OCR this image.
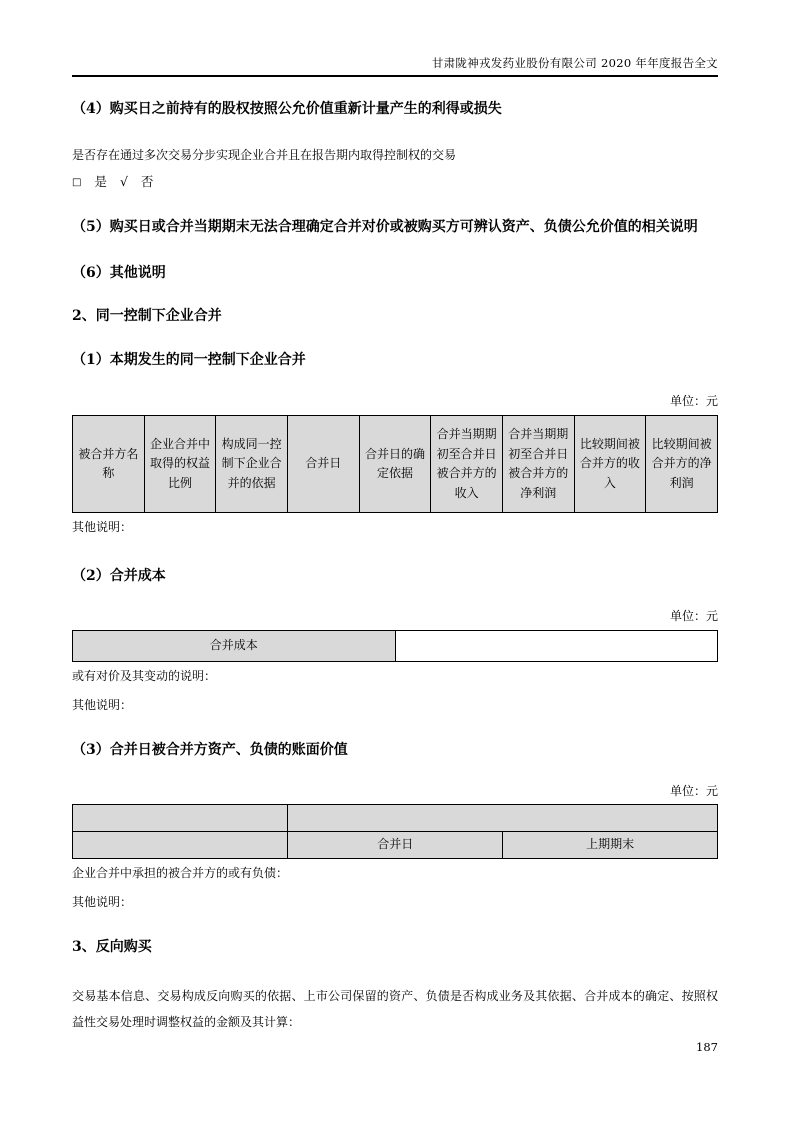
甘肃陇神戎发药业股份有限公司 2020 年年度报告全文
（4）购买日之前持有的股权按照公允价值重新计量产生的利得或损失

是否存在通过多次交易分步实现企业合并且在报告期内取得控制权的交易

□ 是 √ 否

（5）购买日或合并当期期末无法合理确定合并对价或被购买方可辨认资产、负债公允价值的相关说明
（6）其他说明
2、同一控制下企业合并
（1）本期发生的同一控制下企业合并

单位：元

被合并方名称	企业合并中取得的权益比例	构成同一控制下企业合并的依据	合并日	合并日的确定依据	合并当期期初至合并日被合并方的收入	合并当期期初至合并日被合并方的净利润	比较期间被合并方的收入	比较期间被合并方的净利润

其他说明：

（2）合并成本

单位：元

合并成本	

或有对价及其变动的说明：

其他说明：

（3）合并日被合并方资产、负债的账面价值

单位：元

	合并日	上期期末

企业合并中承担的被合并方的或有负债：

其他说明：

3、反向购买

交易基本信息、交易构成反向购买的依据、上市公司保留的资产、负债是否构成业务及其依据、合并成本的确定、按照权益性交易处理时调整权益的金额及其计算：

187
